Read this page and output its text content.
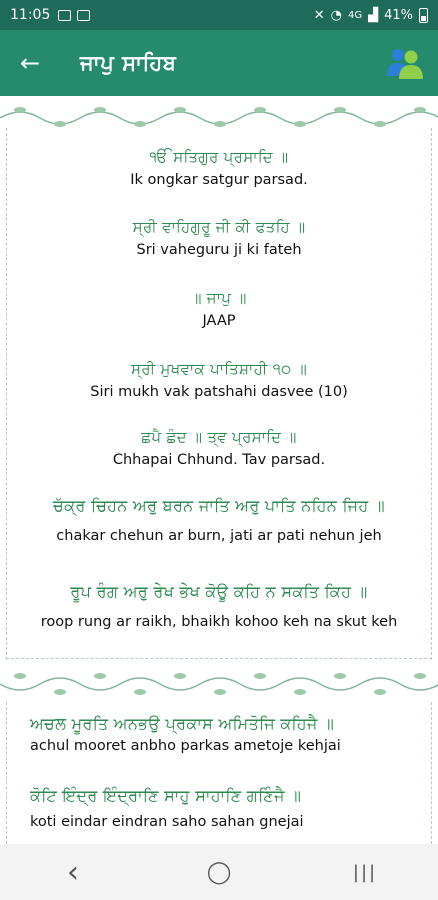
11:05	✕ ◔ 4G ▟ 41%
←	ਜਾਪੁ ਸਾਹਿਬ
ੴ ਸਤਿਗੁਰ ਪ੍ਰਸਾਦਿ ॥
Ik ongkar satgur parsad.
ਸ੍ਰੀ ਵਾਹਿਗੁਰੂ ਜੀ ਕੀ ਫਤਹਿ ॥
Sri vaheguru ji ki fateh
॥ ਜਾਪੁ ॥
JAAP
ਸ੍ਰੀ ਮੁਖਵਾਕ ਪਾਤਿਸ਼ਾਹੀ ੧੦ ॥
Siri mukh vak patshahi dasvee (10)
ਛਪੈ ਛੰਦ ॥ ਤ੍ਵ ਪ੍ਰਸਾਦਿ ॥
Chhapai Chhund. Tav parsad.
ਚੱਕ੍ਰ ਚਿਹਨ ਅਰੁ ਬਰਨ ਜਾਤਿ ਅਰੁ ਪਾਤਿ ਨਹਿਨ ਜਿਹ ॥
chakar chehun ar burn, jati ar pati nehun jeh
ਰੂਪ ਰੰਗ ਅਰੁ ਰੇਖ ਭੇਖ ਕੋਊ ਕਹਿ ਨ ਸਕਤਿ ਕਿਹ ॥
roop rung ar raikh, bhaikh kohoo keh na skut keh
ਅਚਲ ਮੂਰਤਿ ਅਨਭਉ ਪ੍ਰਕਾਸ ਅਮਿਤੋਜਿ ਕਹਿਜੈ ॥
achul mooret anbho parkas ametoje kehjai
ਕੋਟਿ ਇੰਦ੍ਰ ਇੰਦ੍ਰਾਣਿ ਸਾਹੁ ਸਾਹਾਣਿ ਗਣਿੰਜੈ ॥
koti eindar eindran saho sahan gnejai
‹	◯	|||
